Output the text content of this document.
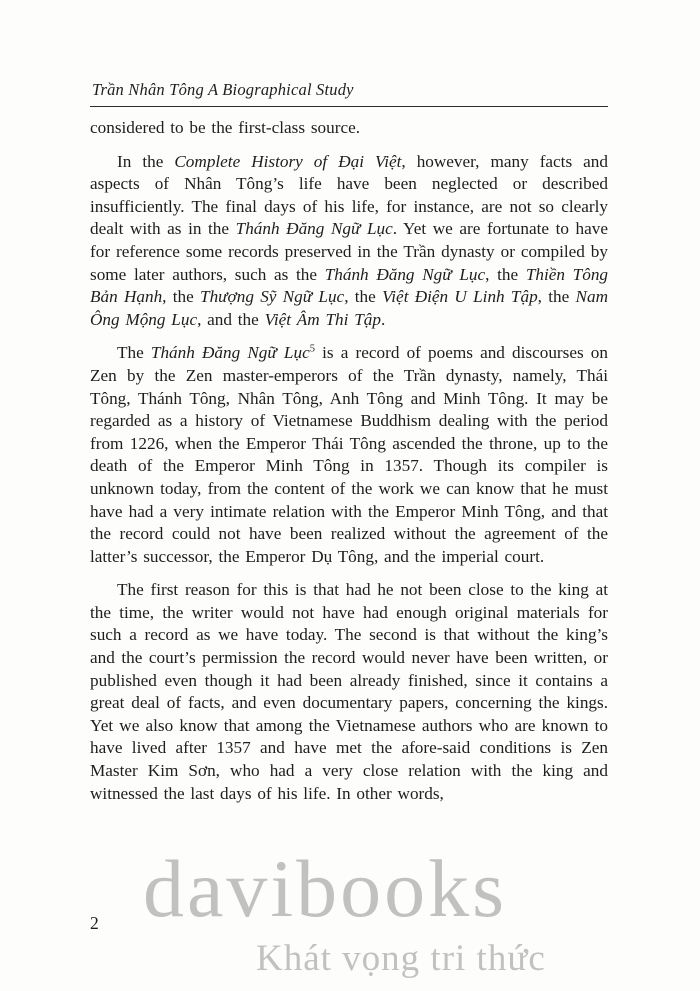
Trần Nhân Tông A Biographical Study

considered to be the first-class source.

In the Complete History of Đại Việt, however, many facts and aspects of Nhân Tông’s life have been neglected or described insufficiently. The final days of his life, for instance, are not so clearly dealt with as in the Thánh Đăng Ngữ Lục. Yet we are fortunate to have for reference some records preserved in the Trần dynasty or compiled by some later authors, such as the Thánh Đăng Ngữ Lục, the Thiền Tông Bản Hạnh, the Thượng Sỹ Ngữ Lục, the Việt Điện U Linh Tập, the Nam Ông Mộng Lục, and the Việt Âm Thi Tập.

The Thánh Đăng Ngữ Lục$^5$ is a record of poems and discourses on Zen by the Zen master-emperors of the Trần dynasty, namely, Thái Tông, Thánh Tông, Nhân Tông, Anh Tông and Minh Tông. It may be regarded as a history of Vietnamese Buddhism dealing with the period from 1226, when the Emperor Thái Tông ascended the throne, up to the death of the Emperor Minh Tông in 1357. Though its compiler is unknown today, from the content of the work we can know that he must have had a very intimate relation with the Emperor Minh Tông, and that the record could not have been realized without the agreement of the latter’s successor, the Emperor Dụ Tông, and the imperial court.

The first reason for this is that had he not been close to the king at the time, the writer would not have had enough original materials for such a record as we have today. The second is that without the king’s and the court’s permission the record would never have been written, or published even though it had been already finished, since it contains a great deal of facts, and even documentary papers, concerning the kings. Yet we also know that among the Vietnamese authors who are known to have lived after 1357 and have met the afore-said conditions is Zen Master Kim Sơn, who had a very close relation with the king and witnessed the last days of his life. In other words,

davibooks
Khát vọng tri thức
2
